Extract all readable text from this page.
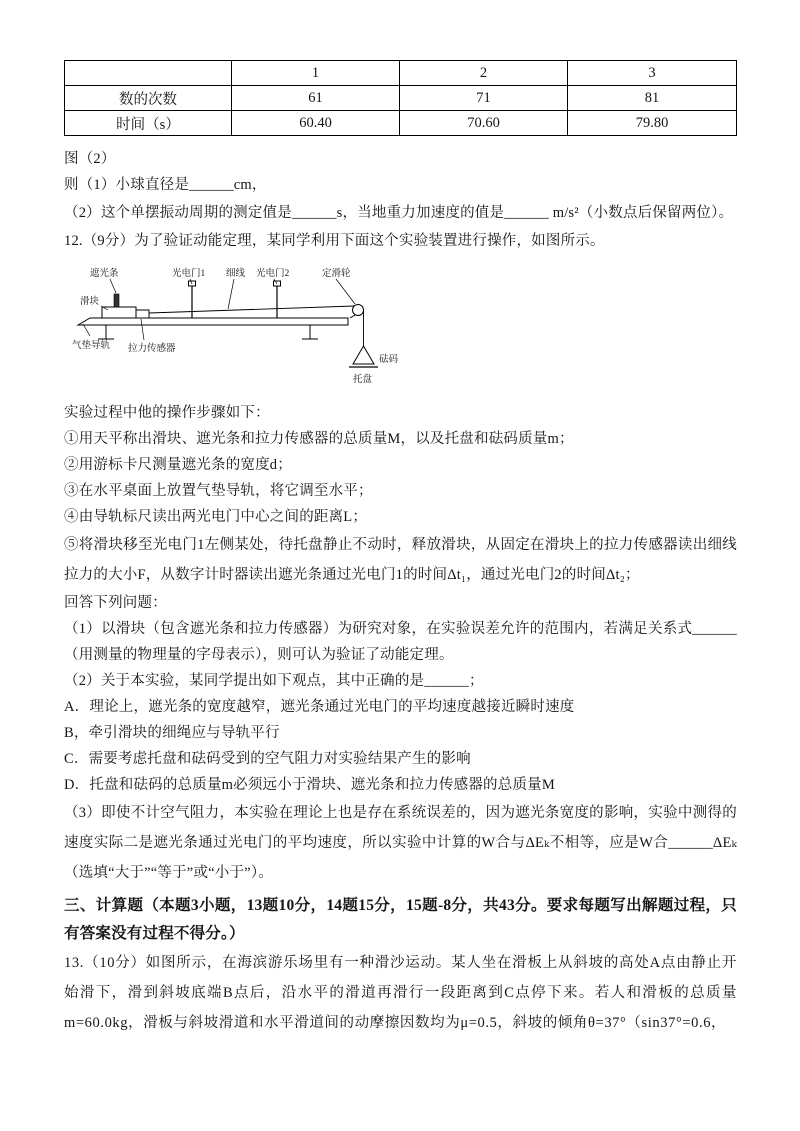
	1	2	3
数的次数	61	71	81
时间（s）	60.40	70.60	79.80

图（2）

则（1）小球直径是______cm，

（2）这个单摆振动周期的测定值是______s，当地重力加速度的值是______ m/s²（小数点后保留两位）。

12.（9分）为了验证动能定理，某同学利用下面这个实验装置进行操作，如图所示。

遮光条	光电门1 细线 光电门2	定滑轮
滑块
气垫导轨 拉力传感器
砝码
托盘

实验过程中他的操作步骤如下：

①用天平称出滑块、遮光条和拉力传感器的总质量M，以及托盘和砝码质量m；

②用游标卡尺测量遮光条的宽度d；

③在水平桌面上放置气垫导轨，将它调至水平；

④由导轨标尺读出两光电门中心之间的距离L；

⑤将滑块移至光电门1左侧某处，待托盘静止不动时，释放滑块，从固定在滑块上的拉力传感器读出细线拉力的大小F，从数字计时器读出遮光条通过光电门1的时间Δt₁，通过光电门2的时间Δt₂；

回答下列问题：

（1）以滑块（包含遮光条和拉力传感器）为研究对象，在实验误差允许的范围内，若满足关系式______（用测量的物理量的字母表示），则可认为验证了动能定理。

（2）关于本实验，某同学提出如下观点，其中正确的是______；

A．理论上，遮光条的宽度越窄，遮光条通过光电门的平均速度越接近瞬时速度

B，牵引滑块的细绳应与导轨平行

C．需要考虑托盘和砝码受到的空气阻力对实验结果产生的影响

D．托盘和砝码的总质量m必须远小于滑块、遮光条和拉力传感器的总质量M

（3）即使不计空气阻力，本实验在理论上也是存在系统误差的，因为遮光条宽度的影响，实验中测得的速度实际二是遮光条通过光电门的平均速度，所以实验中计算的W合与ΔEₖ不相等，应是W合______ΔEₖ（选填“大于”“等于”或“小于”）。

三、计算题（本题3小题，13题10分，14题15分，15题-8分，共43分。要求每题写出解题过程，只有答案没有过程不得分。）

13.（10分）如图所示，在海滨游乐场里有一种滑沙运动。某人坐在滑板上从斜坡的高处A点由静止开始滑下，滑到斜坡底端B点后，沿水平的滑道再滑行一段距离到C点停下来。若人和滑板的总质量m=60.0kg，滑板与斜坡滑道和水平滑道间的动摩擦因数均为μ=0.5，斜坡的倾角θ=37°（sin37°=0.6，
